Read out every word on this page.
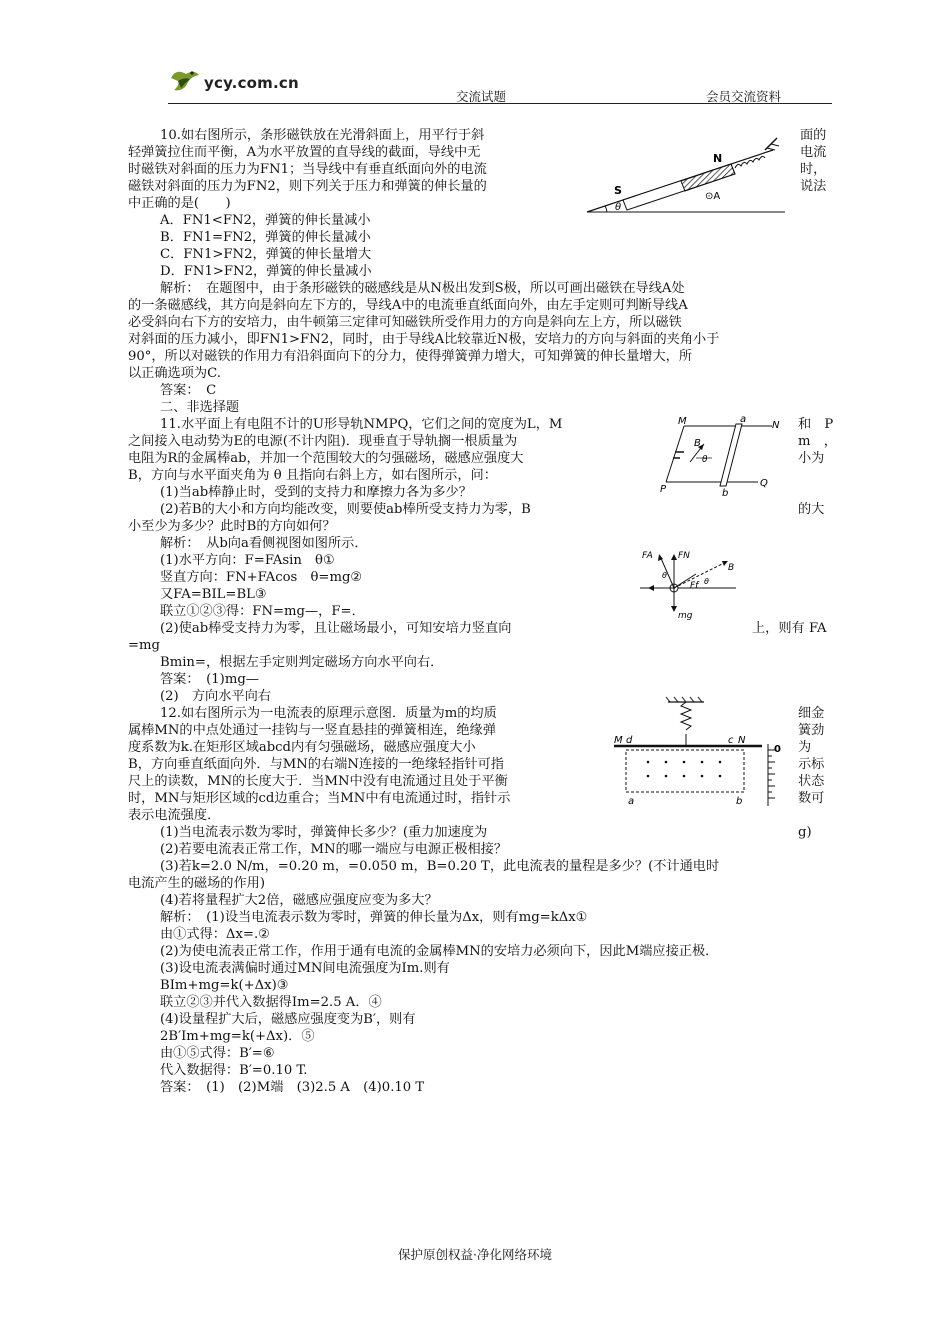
ycy.com.cn
交流试题	会员交流资料
10.如右图所示，条形磁铁放在光滑斜面上，用平行于斜
轻弹簧拉住而平衡，A为水平放置的直导线的截面，导线中无
时磁铁对斜面的压力为FN1；当导线中有垂直纸面向外的电流
磁铁对斜面的压力为FN2，则下列关于压力和弹簧的伸长量的
中正确的是(　　)
面的
电流
时，
说法
A．FN1<FN2，弹簧的伸长量减小
B．FN1=FN2，弹簧的伸长量减小
C．FN1>FN2，弹簧的伸长量增大
D．FN1>FN2，弹簧的伸长量减小
解析：　在题图中，由于条形磁铁的磁感线是从N极出发到S极，所以可画出磁铁在导线A处
的一条磁感线，其方向是斜向左下方的，导线A中的电流垂直纸面向外，由左手定则可判断导线A
必受斜向右下方的安培力，由牛顿第三定律可知磁铁所受作用力的方向是斜向左上方，所以磁铁
对斜面的压力减小，即FN1>FN2，同时，由于导线A比较靠近N极，安培力的方向与斜面的夹角小于
90°，所以对磁铁的作用力有沿斜面向下的分力，使得弹簧弹力增大，可知弹簧的伸长量增大，所
以正确选项为C.
答案：　C
S
N
θ
⊙A
二、非选择题
11.水平面上有电阻不计的U形导轨NMPQ，它们之间的宽度为L，M
之间接入电动势为E的电源(不计内阻)．现垂直于导轨搁一根质量为
电阻为R的金属棒ab，并加一个范围较大的匀强磁场，磁感应强度大
B，方向与水平面夹角为 θ 且指向右斜上方，如右图所示，问：
(1)当ab棒静止时，受到的支持力和摩擦力各为多少？
(2)若B的大小和方向均能改变，则要使ab棒所受支持力为零，B
小至少为多少？此时B的方向如何？
和　P
m　，
小为
的大
M	N
a
b
B
θ
P
Q
解析：　从b向a看侧视图如图所示．
(1)水平方向：F=FAsin　θ①
竖直方向：FN+FAcos　θ=mg②
又FA=BIL=BL③
联立①②③得：FN=mg—，F=．
(2)使ab棒受支持力为零，且让磁场最小，可知安培力竖直向	上，则有 FA
=mg
Bmin=，根据左手定则判定磁场方向水平向右．
答案：　(1)mg—
(2)　方向水平向右
FA	FN
Ff
B
θ
θ
mg
12.如右图所示为一电流表的原理示意图．质量为m的均质
属棒MN的中点处通过一挂钩与一竖直悬挂的弹簧相连，绝缘弹
度系数为k.在矩形区域abcd内有匀强磁场，磁感应强度大小
B，方向垂直纸面向外．与MN的右端N连接的一绝缘轻指针可指
尺上的读数，MN的长度大于．当MN中没有电流通过且处于平衡
时，MN与矩形区域的cd边重合；当MN中有电流通过时，指针示
表示电流强度．
(1)当电流表示数为零时，弹簧伸长多少？(重力加速度为
(2)若要电流表正常工作，MN的哪一端应与电源正极相接？
(3)若k=2.0 N/m，=0.20 m，=0.050 m，B=0.20 T，此电流表的量程是多少？(不计通电时
电流产生的磁场的作用)
(4)若将量程扩大2倍，磁感应强度应变为多大？
细金
簧劲
为
示标
状态
数可
g)
M d	c N
0
a	b
解析：　(1)设当电流表示数为零时，弹簧的伸长量为Δx，则有mg=kΔx①
由①式得：Δx=.②
(2)为使电流表正常工作，作用于通有电流的金属棒MN的安培力必须向下，因此M端应接正极．
(3)设电流表满偏时通过MN间电流强度为Im.则有
BIm+mg=k(+Δx)③
联立②③并代入数据得Im=2.5 A．④
(4)设量程扩大后，磁感应强度变为B′，则有
2B′Im+mg=k(+Δx)．⑤
由①⑤式得：B′=⑥
代入数据得：B′=0.10 T.
答案：　(1)　(2)M端　(3)2.5 A　(4)0.10 T
保护原创权益·净化网络环境
